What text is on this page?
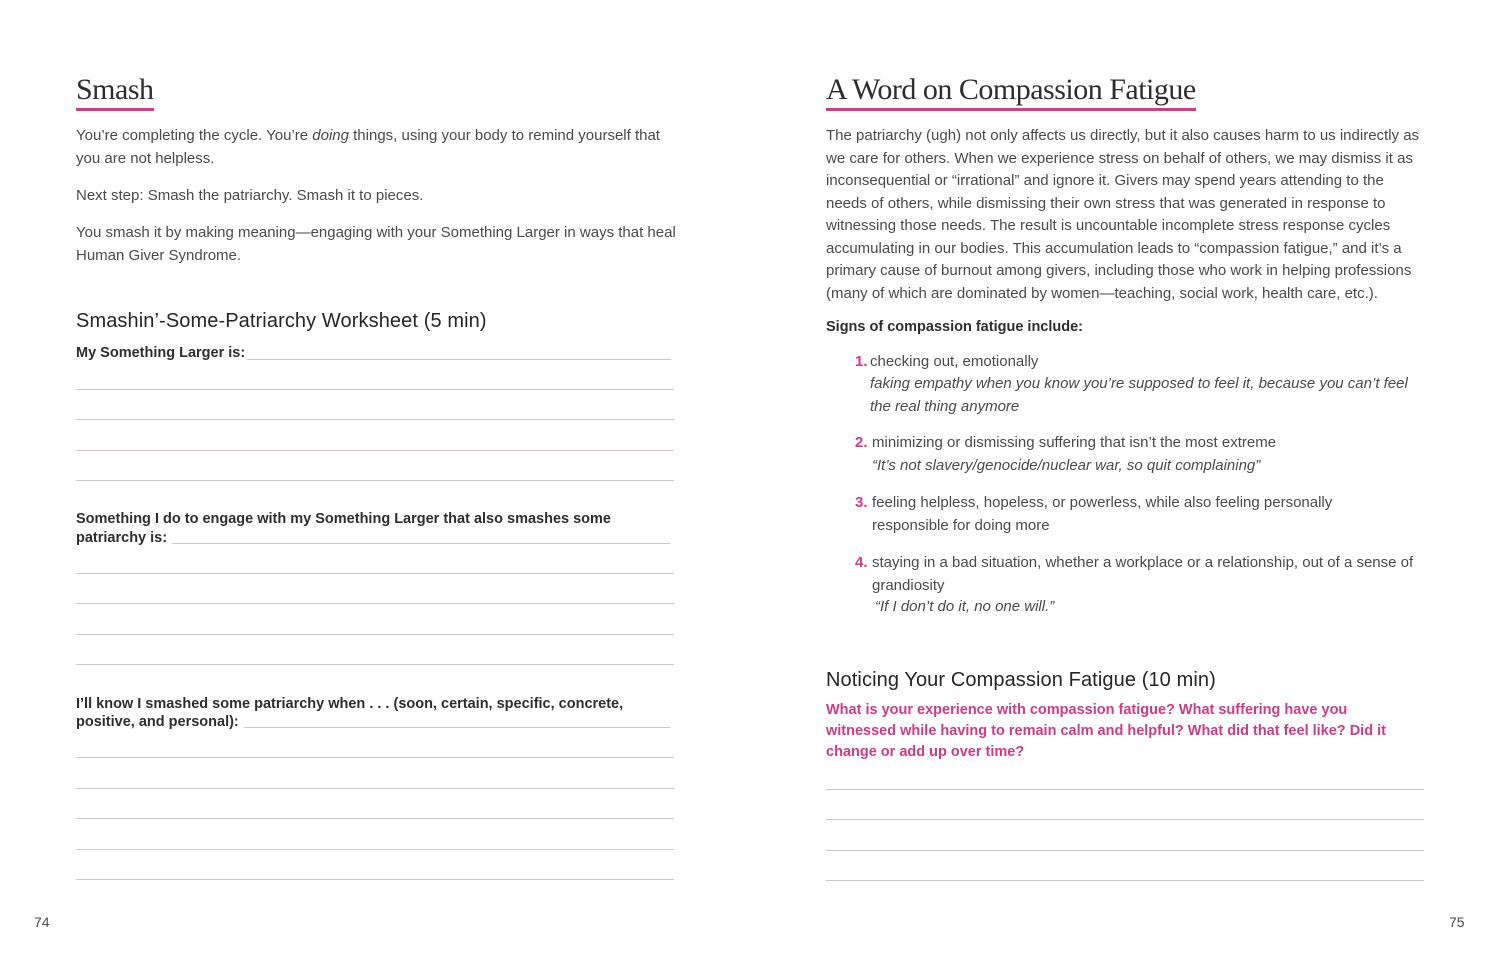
Smash

You’re completing the cycle. You’re doing things, using your body to remind yourself that you are not helpless.

Next step: Smash the patriarchy. Smash it to pieces.

You smash it by making meaning—engaging with your Something Larger in ways that heal Human Giver Syndrome.

Smashin’-Some-Patriarchy Worksheet (5 min)

My Something Larger is:

Something I do to engage with my Something Larger that also smashes some

patriarchy is:

I’ll know I smashed some patriarchy when . . . (soon, certain, specific, concrete,

positive, and personal):

74
A Word on Compassion Fatigue

The patriarchy (ugh) not only affects us directly, but it also causes harm to us indirectly as we care for others. When we experience stress on behalf of others, we may dismiss it as inconsequential or “irrational” and ignore it. Givers may spend years attending to the needs of others, while dismissing their own stress that was generated in response to witnessing those needs. The result is uncountable incomplete stress response cycles accumulating in our bodies. This accumulation leads to “compassion fatigue,” and it’s a primary cause of burnout among givers, including those who work in helping professions (many of which are dominated by women—teaching, social work, health care, etc.).

Signs of compassion fatigue include:

1. checking out, emotionally

faking empathy when you know you’re supposed to feel it, because you can’t feel the real thing anymore

2. minimizing or dismissing suffering that isn’t the most extreme

“It’s not slavery/genocide/nuclear war, so quit complaining”

3. feeling helpless, hopeless, or powerless, while also feeling personally responsible for doing more

4. staying in a bad situation, whether a workplace or a relationship, out of a sense of grandiosity

“If I don’t do it, no one will.”

Noticing Your Compassion Fatigue (10 min)

What is your experience with compassion fatigue? What suffering have you witnessed while having to remain calm and helpful? What did that feel like? Did it change or add up over time?

75
